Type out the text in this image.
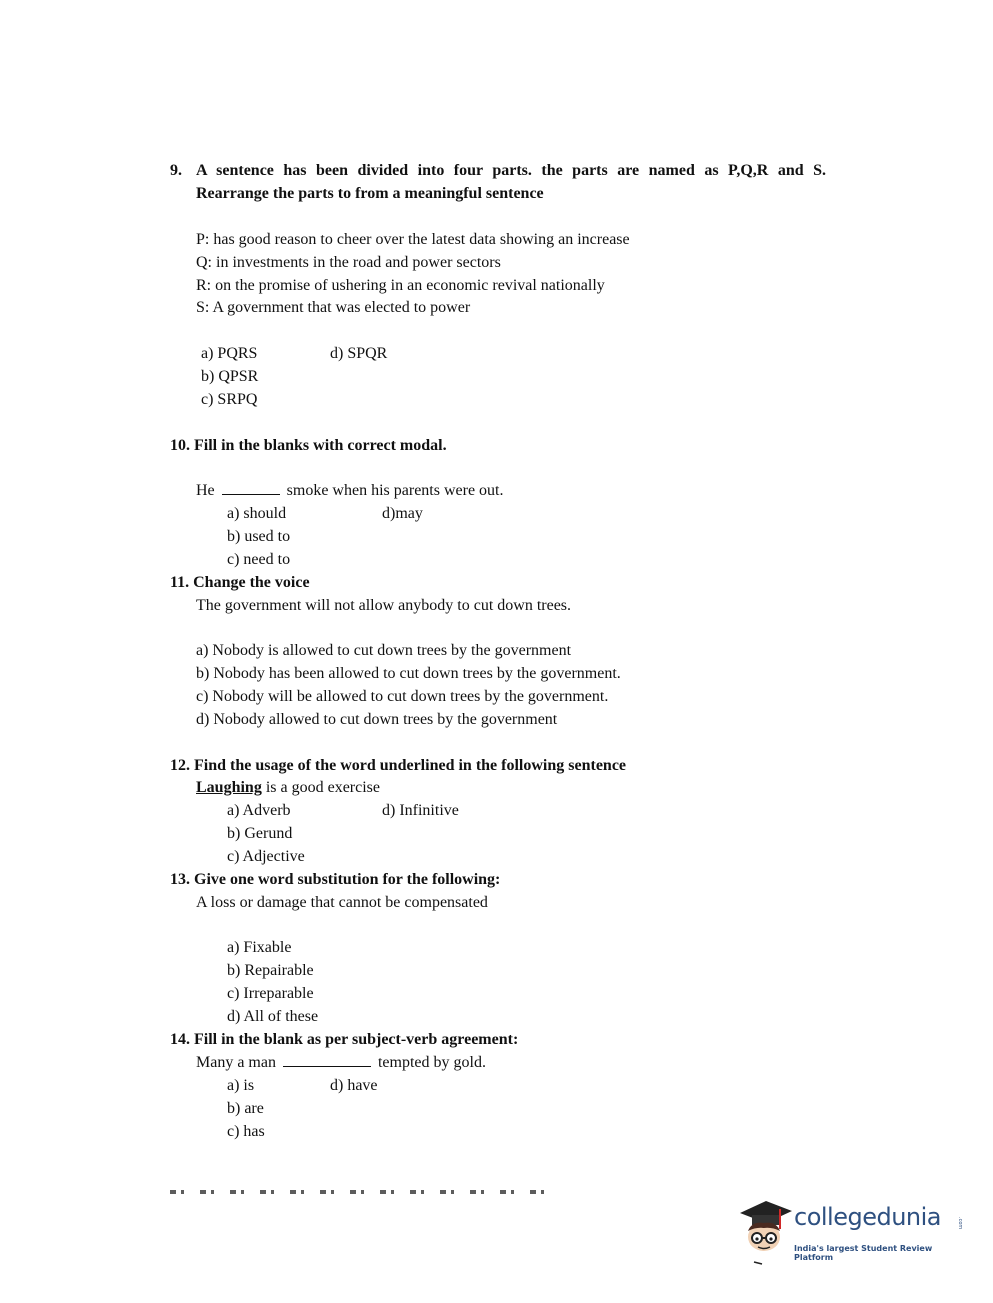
9. A sentence has been divided into four parts. the parts are named as P,Q,R and S.
Rearrange the parts to from a meaningful sentence
P: has good reason to cheer over the latest data showing an increase
Q: in investments in the road and power sectors
R: on the promise of ushering in an economic revival nationally
S: A government that was elected to power
a) PQRS	d) SPQR
b) QPSR
c) SRPQ
10. Fill in the blanks with correct modal.
He	smoke when his parents were out.
a) should	d)may
b) used to
c) need to
11. Change the voice
The government will not allow anybody to cut down trees.
a) Nobody is allowed to cut down trees by the government
b) Nobody has been allowed to cut down trees by the government.
c) Nobody will be allowed to cut down trees by the government.
d) Nobody allowed to cut down trees by the government
12. Find the usage of the word underlined in the following sentence
Laughing is a good exercise
a) Adverb	d) Infinitive
b) Gerund
c) Adjective
13. Give one word substitution for the following:
A loss or damage that cannot be compensated
a) Fixable
b) Repairable
c) Irreparable
d) All of these
14. Fill in the blank as per subject-verb agreement:
Many a man	tempted by gold.
a) is	d) have
b) are
c) has
collegedunia	.com
India's largest Student Review Platform
